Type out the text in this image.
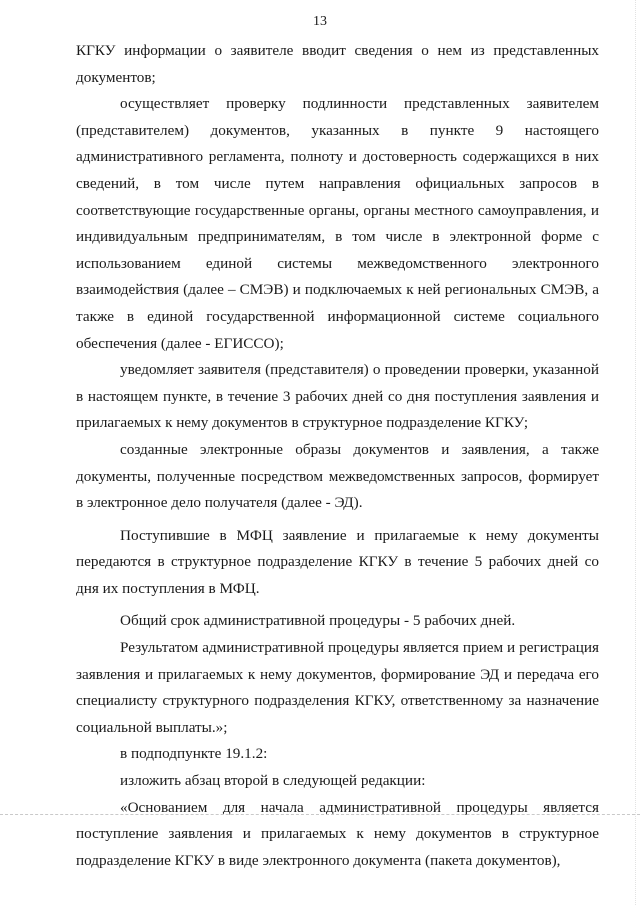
13

КГКУ информации о заявителе вводит сведения о нем из представленных документов;

осуществляет проверку подлинности представленных заявителем (представителем) документов, указанных в пункте 9 настоящего административного регламента, полноту и достоверность содержащихся в них сведений, в том числе путем направления официальных запросов в соответствующие государственные органы, органы местного самоуправления, и индивидуальным предпринимателям, в том числе в электронной форме с использованием единой системы межведомственного электронного взаимодействия (далее – СМЭВ) и подключаемых к ней региональных СМЭВ, а также в единой государственной информационной системе социального обеспечения (далее - ЕГИССО);

уведомляет заявителя (представителя) о проведении проверки, указанной в настоящем пункте, в течение 3 рабочих дней со дня поступления заявления и прилагаемых к нему документов в структурное подразделение КГКУ;

созданные электронные образы документов и заявления, а также документы, полученные посредством межведомственных запросов, формирует в электронное дело получателя (далее - ЭД).

Поступившие в МФЦ заявление и прилагаемые к нему документы передаются в структурное подразделение КГКУ в течение 5 рабочих дней со дня их поступления в МФЦ.

Общий срок административной процедуры - 5 рабочих дней.

Результатом административной процедуры является прием и регистрация заявления и прилагаемых к нему документов, формирование ЭД и передача его специалисту структурного подразделения КГКУ, ответственному за назначение социальной выплаты.»;

в подподпункте 19.1.2:

изложить абзац второй в следующей редакции:

«Основанием для начала административной процедуры является поступление заявления и прилагаемых к нему документов в структурное подразделение КГКУ в виде электронного документа (пакета документов),
